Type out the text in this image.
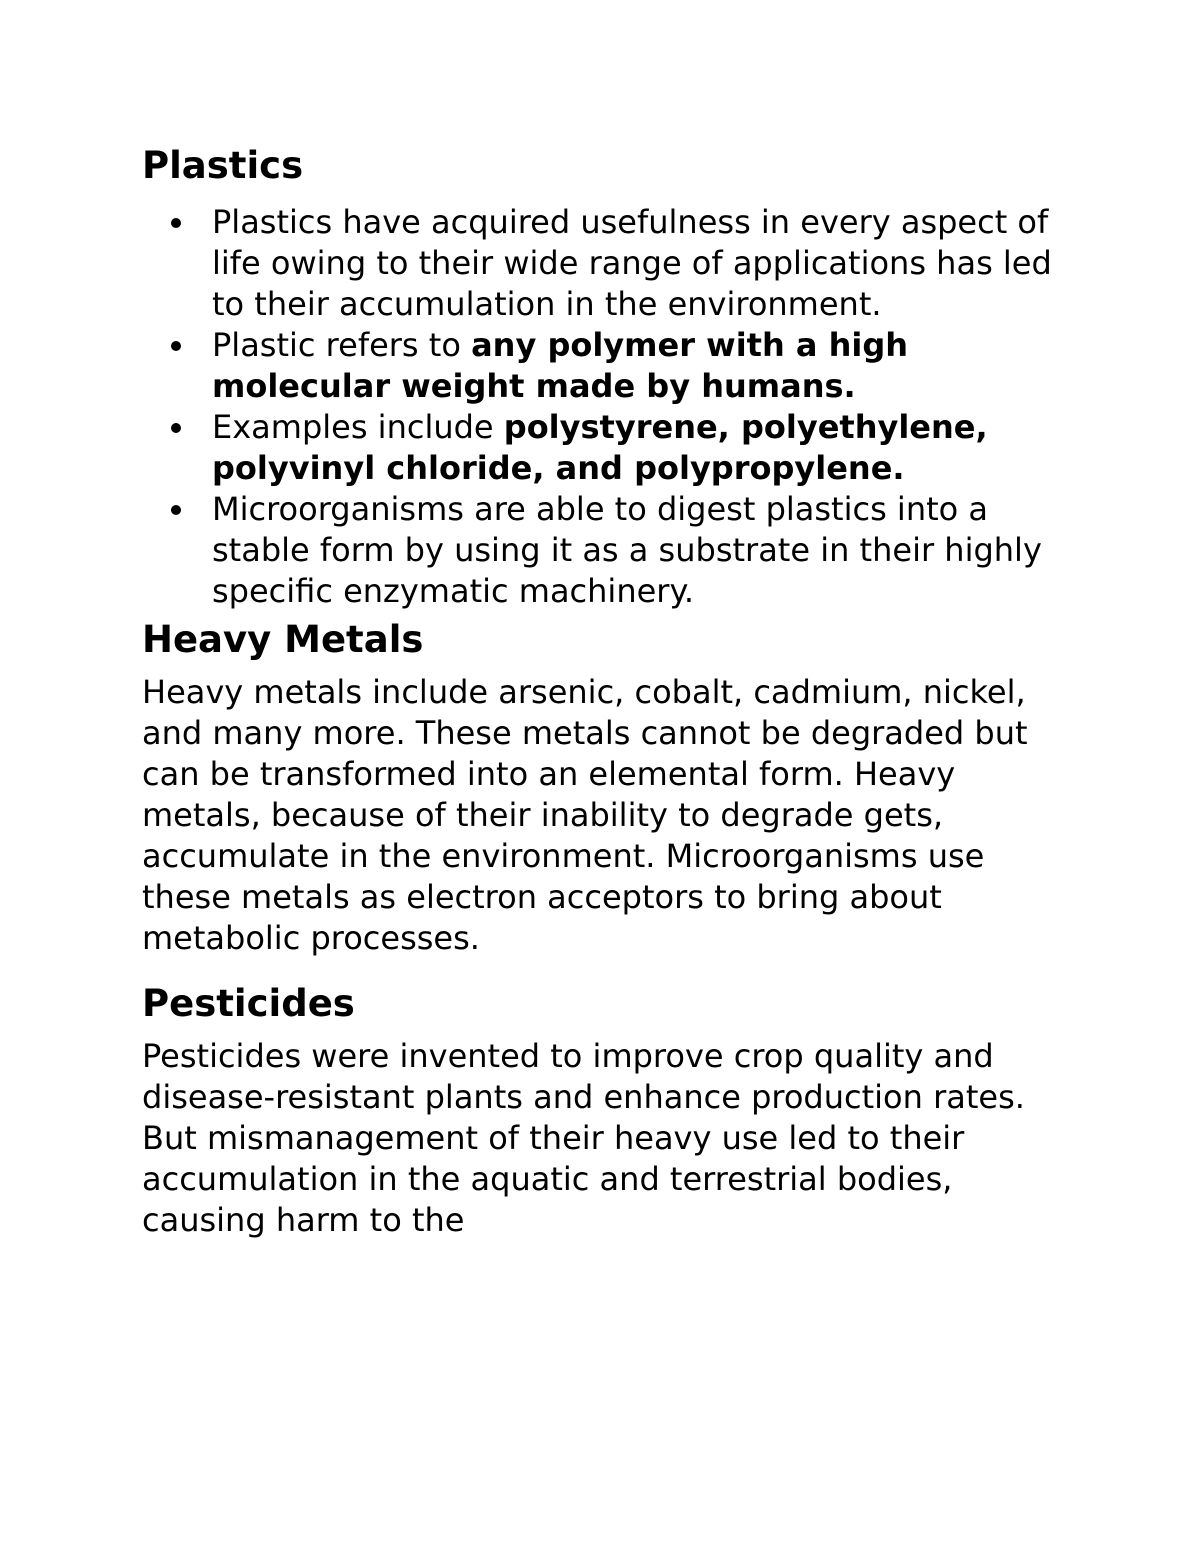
Plastics
Plastics have acquired usefulness in every aspect of life owing to their wide range of applications has led to their accumulation in the environment.
Plastic refers to any polymer with a high molecular weight made by humans.
Examples include polystyrene, polyethylene, polyvinyl chloride, and polypropylene.
Microorganisms are able to digest plastics into a stable form by using it as a substrate in their highly specific enzymatic machinery.
Heavy Metals

Heavy metals include arsenic, cobalt, cadmium, nickel, and many more. These metals cannot be degraded but can be transformed into an elemental form. Heavy metals, because of their inability to degrade gets, accumulate in the environment. Microorganisms use these metals as electron acceptors to bring about metabolic processes.

Pesticides

Pesticides were invented to improve crop quality and disease-resistant plants and enhance production rates. But mismanagement of their heavy use led to their accumulation in the aquatic and terrestrial bodies, causing harm to the
